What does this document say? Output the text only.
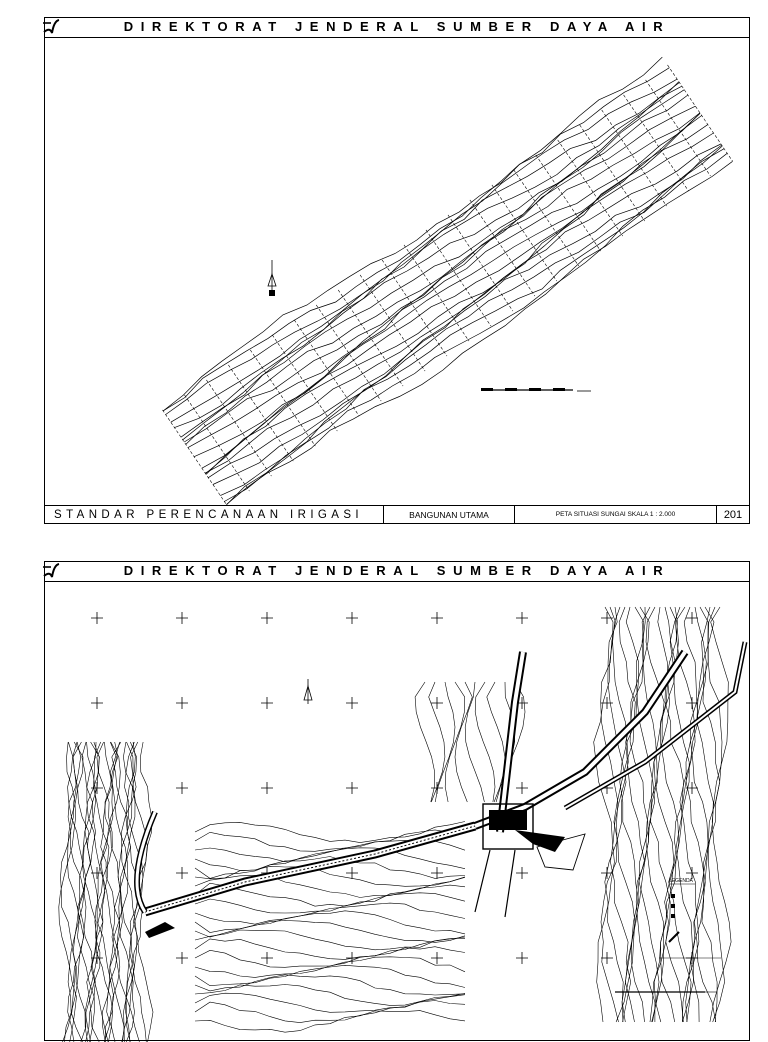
DIREKTORAT JENDERAL SUMBER DAYA AIR
STANDAR PERENCANAAN IRIGASI	BANGUNAN UTAMA	PETA SITUASI SUNGAI SKALA 1 : 2.000	201
DIREKTORAT JENDERAL SUMBER DAYA AIR
LEGENDA
